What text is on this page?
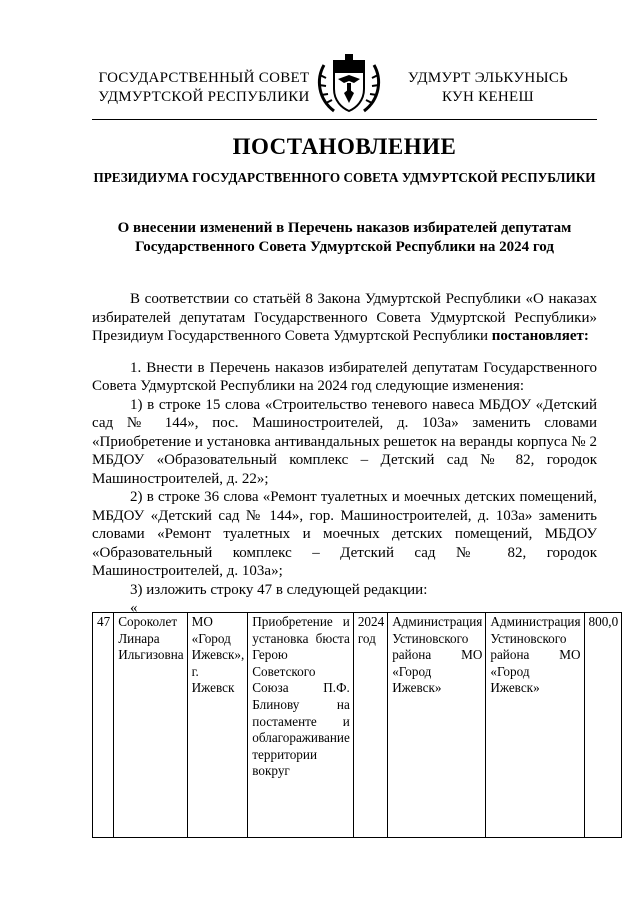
ГОСУДАРСТВЕННЫЙ СОВЕТ
УДМУРТСКОЙ РЕСПУБЛИКИ
УДМУРТ ЭЛЬКУНЫСЬ
КУН КЕНЕШ
ПОСТАНОВЛЕНИЕ
ПРЕЗИДИУМА ГОСУДАРСТВЕННОГО СОВЕТА УДМУРТСКОЙ РЕСПУБЛИКИ
О внесении изменений в Перечень наказов избирателей депутатам
Государственного Совета Удмуртской Республики на 2024 год

В соответствии со статьёй 8 Закона Удмуртской Республики «О наказах избирателей депутатам Государственного Совета Удмуртской Республики» Президиум Государственного Совета Удмуртской Республики постановляет:

1. Внести в Перечень наказов избирателей депутатам Государственного Совета Удмуртской Республики на 2024 год следующие изменения:

1) в строке 15 слова «Строительство теневого навеса МБДОУ «Детский сад № 144», пос. Машиностроителей, д. 103а» заменить словами «Приобретение и установка антивандальных решеток на веранды корпуса № 2 МБДОУ «Образовательный комплекс – Детский сад № 82, городок Машиностроителей, д. 22»;

2) в строке 36 слова «Ремонт туалетных и моечных детских помещений, МБДОУ «Детский сад № 144», гор. Машиностроителей, д. 103а» заменить словами «Ремонт туалетных и моечных детских помещений, МБДОУ «Образовательный комплекс – Детский сад № 82, городок Машиностроителей, д. 103а»;

3) изложить строку 47 в следующей редакции:

«

47	Сороколет Линара Ильгизовна	МО «Город Ижевск», г. Ижевск	Приобретение и установка бюста Герою Советского Союза П.Ф. Блинову на постаменте и облагораживание территории вокруг	2024 год	Администрация Устиновского района МО «Город Ижевск»	Администрация Устиновского района МО «Город Ижевск»	800,0
